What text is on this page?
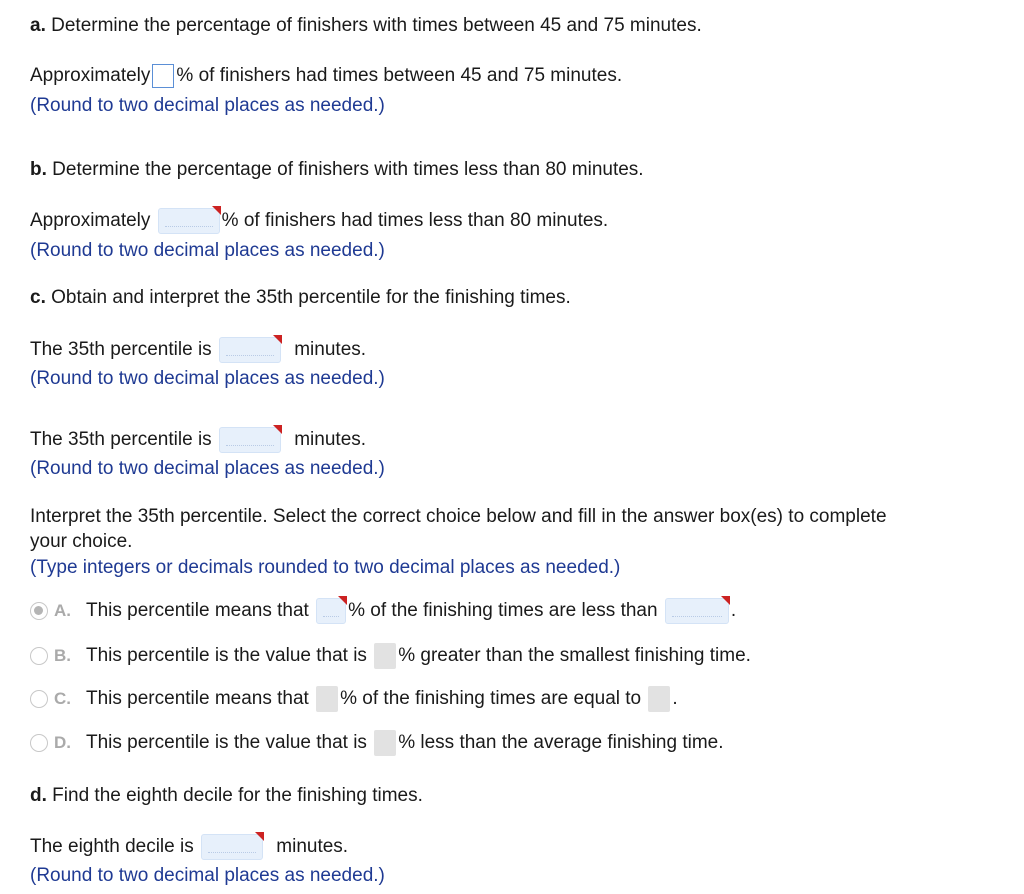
a. Determine the percentage of finishers with times between 45 and 75 minutes.
Approximately % of finishers had times between 45 and 75 minutes.
(Round to two decimal places as needed.)
b. Determine the percentage of finishers with times less than 80 minutes.
Approximately	% of finishers had times less than 80 minutes.
(Round to two decimal places as needed.)
c. Obtain and interpret the 35th percentile for the finishing times.
The 35th percentile is	minutes.
(Round to two decimal places as needed.)
The 35th percentile is	minutes.
(Round to two decimal places as needed.)
Interpret the 35th percentile. Select the correct choice below and fill in the answer box(es) to complete
your choice.
(Type integers or decimals rounded to two decimal places as needed.)
A. This percentile means that % of the finishing times are less than	.
B. This percentile is the value that is % greater than the smallest finishing time.
C. This percentile means that % of the finishing times are equal to .
D. This percentile is the value that is % less than the average finishing time.
d. Find the eighth decile for the finishing times.
The eighth decile is	minutes.
(Round to two decimal places as needed.)
